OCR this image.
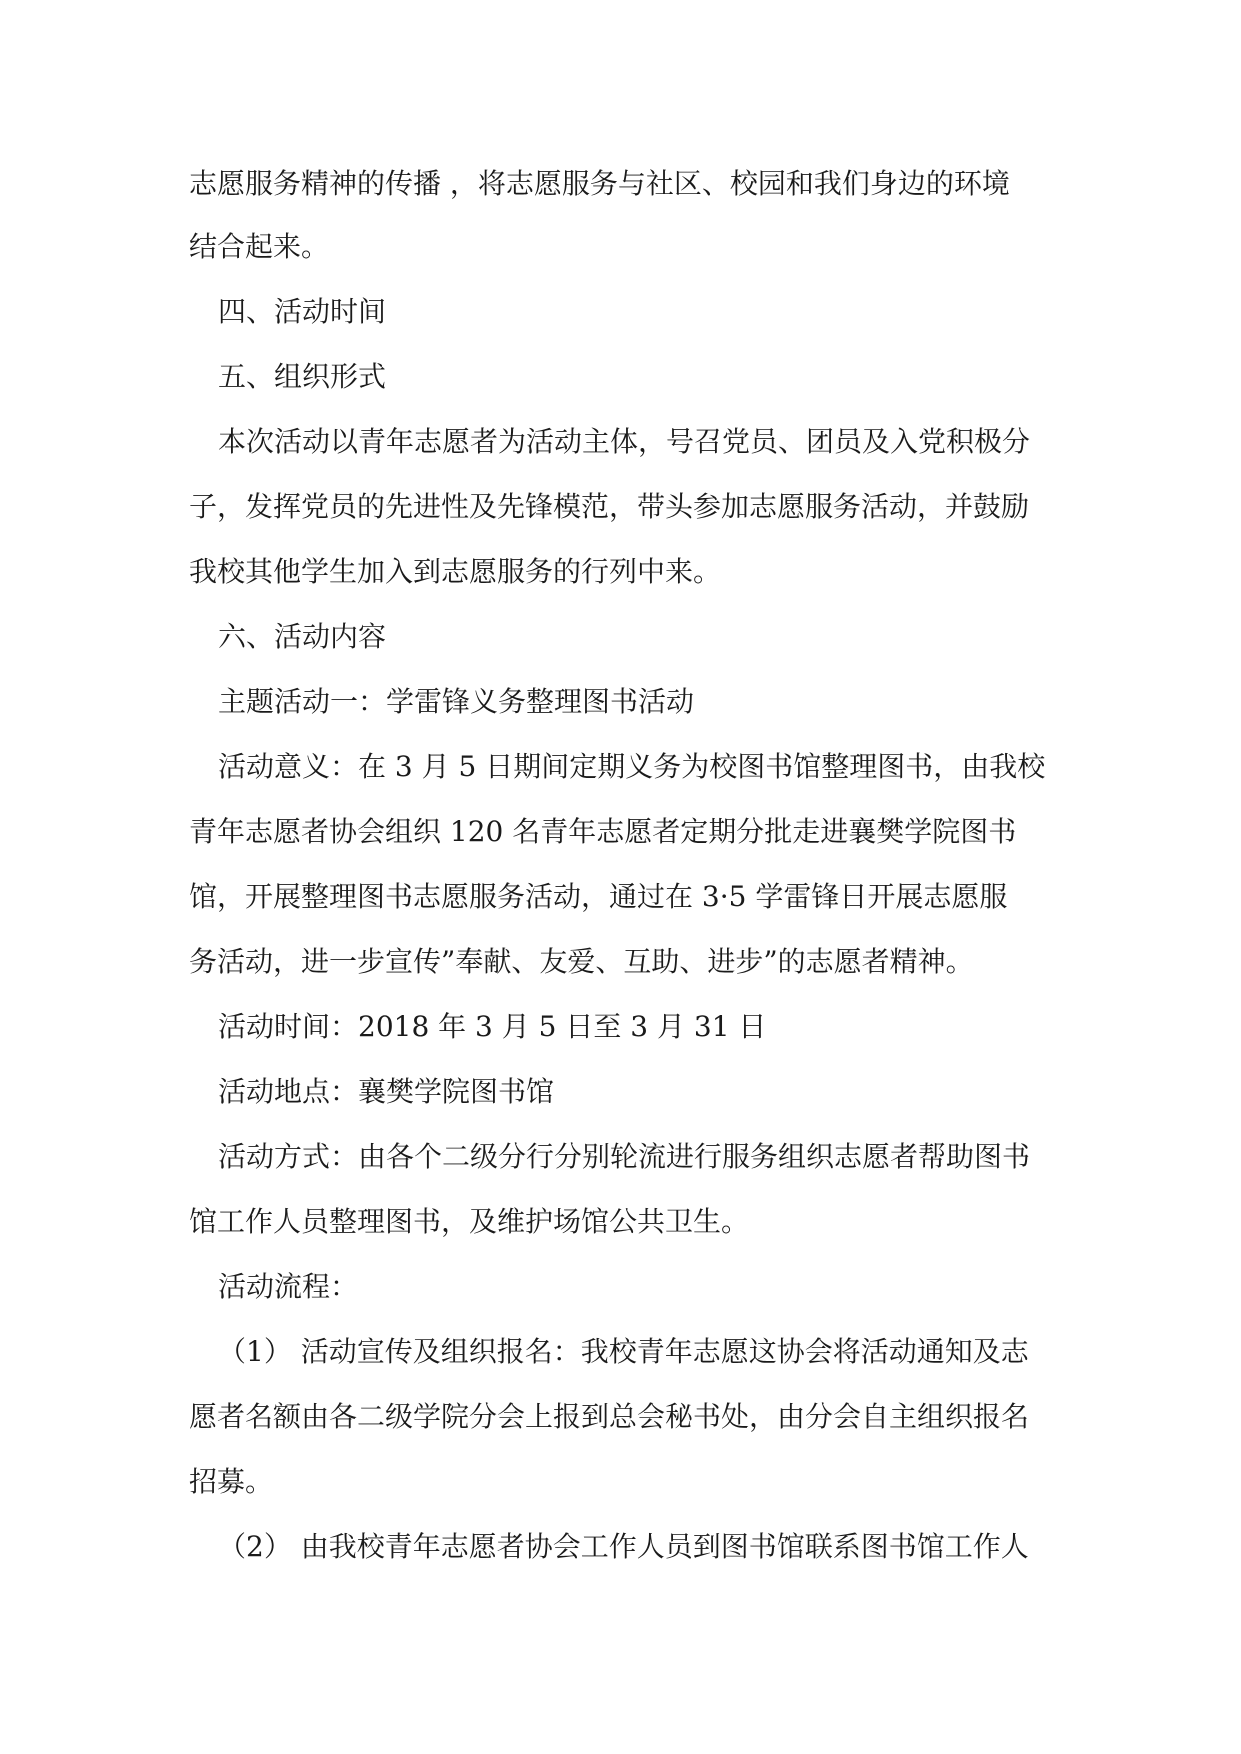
志愿服务精神的传播 ，将志愿服务与社区、校园和我们身边的环境

结合起来。

四、活动时间

五、组织形式

本次活动以青年志愿者为活动主体，号召党员、团员及入党积极分

子，发挥党员的先进性及先锋模范，带头参加志愿服务活动，并鼓励

我校其他学生加入到志愿服务的行列中来。

六、活动内容

主题活动一：学雷锋义务整理图书活动

活动意义：在 3 月 5 日期间定期义务为校图书馆整理图书，由我校

青年志愿者协会组织 120 名青年志愿者定期分批走进襄樊学院图书

馆，开展整理图书志愿服务活动，通过在 3·5 学雷锋日开展志愿服

务活动，进一步宣传”奉献、友爱、互助、进步”的志愿者精神。

活动时间：2018 年 3 月 5 日至 3 月 31 日

活动地点：襄樊学院图书馆

活动方式：由各个二级分行分别轮流进行服务组织志愿者帮助图书

馆工作人员整理图书，及维护场馆公共卫生。

活动流程：

（1） 活动宣传及组织报名：我校青年志愿这协会将活动通知及志

愿者名额由各二级学院分会上报到总会秘书处，由分会自主组织报名

招募。

（2） 由我校青年志愿者协会工作人员到图书馆联系图书馆工作人
